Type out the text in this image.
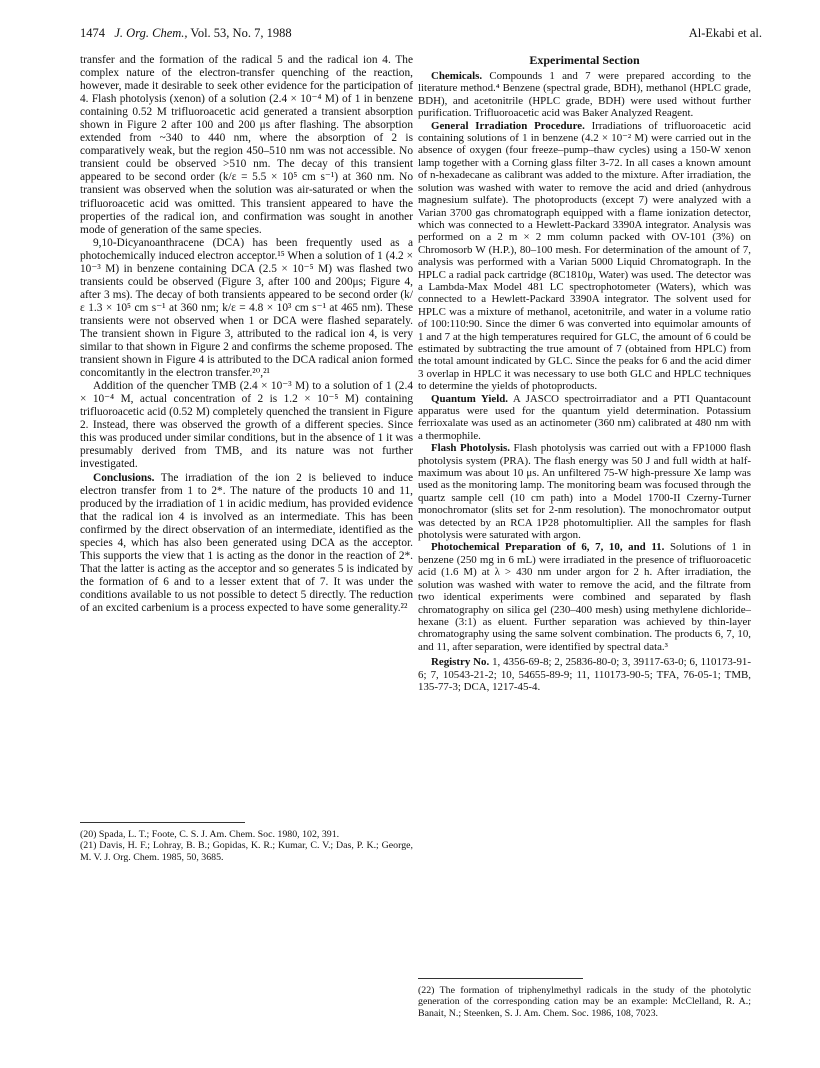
1474 J. Org. Chem., Vol. 53, No. 7, 1988	Al-Ekabi et al.

transfer and the formation of the radical 5 and the radical ion 4. The complex nature of the electron-transfer quenching of the reaction, however, made it desirable to seek other evidence for the participation of 4. Flash photolysis (xenon) of a solution (2.4 × 10⁻⁴ M) of 1 in benzene containing 0.52 M trifluoroacetic acid generated a transient absorption shown in Figure 2 after 100 and 200 μs after flashing. The absorption extended from ~340 to 440 nm, where the absorption of 2 is comparatively weak, but the region 450–510 nm was not accessible. No transient could be observed >510 nm. The decay of this transient appeared to be second order (k/ε = 5.5 × 10⁵ cm s⁻¹) at 360 nm. No transient was observed when the solution was air-saturated or when the trifluoroacetic acid was omitted. This transient appeared to have the properties of the radical ion, and confirmation was sought in another mode of generation of the same species.

9,10-Dicyanoanthracene (DCA) has been frequently used as a photochemically induced electron acceptor.¹⁵ When a solution of 1 (4.2 × 10⁻³ M) in benzene containing DCA (2.5 × 10⁻⁵ M) was flashed two transients could be observed (Figure 3, after 100 and 200μs; Figure 4, after 3 ms). The decay of both transients appeared to be second order (k/ε 1.3 × 10⁵ cm s⁻¹ at 360 nm; k/ε = 4.8 × 10³ cm s⁻¹ at 465 nm). These transients were not observed when 1 or DCA were flashed separately. The transient shown in Figure 3, attributed to the radical ion 4, is very similar to that shown in Figure 2 and confirms the scheme proposed. The transient shown in Figure 4 is attributed to the DCA radical anion formed concomitantly in the electron transfer.²⁰,²¹

Addition of the quencher TMB (2.4 × 10⁻³ M) to a solution of 1 (2.4 × 10⁻⁴ M, actual concentration of 2 is 1.2 × 10⁻⁵ M) containing trifluoroacetic acid (0.52 M) completely quenched the transient in Figure 2. Instead, there was observed the growth of a different species. Since this was produced under similar conditions, but in the absence of 1 it was presumably derived from TMB, and its nature was not further investigated.

Conclusions. The irradiation of the ion 2 is believed to induce electron transfer from 1 to 2*. The nature of the products 10 and 11, produced by the irradiation of 1 in acidic medium, has provided evidence that the radical ion 4 is involved as an intermediate. This has been confirmed by the direct observation of an intermediate, identified as the species 4, which has also been generated using DCA as the acceptor. This supports the view that 1 is acting as the donor in the reaction of 2*. That the latter is acting as the acceptor and so generates 5 is indicated by the formation of 6 and to a lesser extent that of 7. It was under the conditions available to us not possible to detect 5 directly. The reduction of an excited carbenium is a process expected to have some generality.²²

Experimental Section

Chemicals. Compounds 1 and 7 were prepared according to the literature method.⁴ Benzene (spectral grade, BDH), methanol (HPLC grade, BDH), and acetonitrile (HPLC grade, BDH) were used without further purification. Trifluoroacetic acid was Baker Analyzed Reagent.

General Irradiation Procedure. Irradiations of trifluoroacetic acid containing solutions of 1 in benzene (4.2 × 10⁻² M) were carried out in the absence of oxygen (four freeze–pump–thaw cycles) using a 150-W xenon lamp together with a Corning glass filter 3-72. In all cases a known amount of n-hexadecane as calibrant was added to the mixture. After irradiation, the solution was washed with water to remove the acid and dried (anhydrous magnesium sulfate). The photoproducts (except 7) were analyzed with a Varian 3700 gas chromatograph equipped with a flame ionization detector, which was connected to a Hewlett-Packard 3390A integrator. Analysis was performed on a 2 m × 2 mm column packed with OV-101 (3%) on Chromosorb W (H.P.), 80–100 mesh. For determination of the amount of 7, analysis was performed with a Varian 5000 Liquid Chromatograph. In the HPLC a radial pack cartridge (8C1810μ, Water) was used. The detector was a Lambda-Max Model 481 LC spectrophotometer (Waters), which was connected to a Hewlett-Packard 3390A integrator. The solvent used for HPLC was a mixture of methanol, acetonitrile, and water in a volume ratio of 100:110:90. Since the dimer 6 was converted into equimolar amounts of 1 and 7 at the high temperatures required for GLC, the amount of 6 could be estimated by subtracting the true amount of 7 (obtained from HPLC) from the total amount indicated by GLC. Since the peaks for 6 and the acid dimer 3 overlap in HPLC it was necessary to use both GLC and HPLC techniques to determine the yields of photoproducts.

Quantum Yield. A JASCO spectroirradiator and a PTI Quantacount apparatus were used for the quantum yield determination. Potassium ferrioxalate was used as an actinometer (360 nm) calibrated at 480 nm with a thermophile.

Flash Photolysis. Flash photolysis was carried out with a FP1000 flash photolysis system (PRA). The flash energy was 50 J and full width at half-maximum was about 10 μs. An unfiltered 75-W high-pressure Xe lamp was used as the monitoring lamp. The monitoring beam was focused through the quartz sample cell (10 cm path) into a Model 1700-II Czerny-Turner monochromator (slits set for 2-nm resolution). The monochromator output was detected by an RCA 1P28 photomultiplier. All the samples for flash photolysis were saturated with argon.

Photochemical Preparation of 6, 7, 10, and 11. Solutions of 1 in benzene (250 mg in 6 mL) were irradiated in the presence of trifluoroacetic acid (1.6 M) at λ > 430 nm under argon for 2 h. After irradiation, the solution was washed with water to remove the acid, and the filtrate from two identical experiments were combined and separated by flash chromatography on silica gel (230–400 mesh) using methylene dichloride–hexane (3:1) as eluent. Further separation was achieved by thin-layer chromatography using the same solvent combination. The products 6, 7, 10, and 11, after separation, were identified by spectral data.³

Registry No. 1, 4356-69-8; 2, 25836-80-0; 3, 39117-63-0; 6, 110173-91-6; 7, 10543-21-2; 10, 54655-89-9; 11, 110173-90-5; TFA, 76-05-1; TMB, 135-77-3; DCA, 1217-45-4.

(20) Spada, L. T.; Foote, C. S. J. Am. Chem. Soc. 1980, 102, 391.

(21) Davis, H. F.; Lohray, B. B.; Gopidas, K. R.; Kumar, C. V.; Das, P. K.; George, M. V. J. Org. Chem. 1985, 50, 3685.

(22) The formation of triphenylmethyl radicals in the study of the photolytic generation of the corresponding cation may be an example: McClelland, R. A.; Banait, N.; Steenken, S. J. Am. Chem. Soc. 1986, 108, 7023.
